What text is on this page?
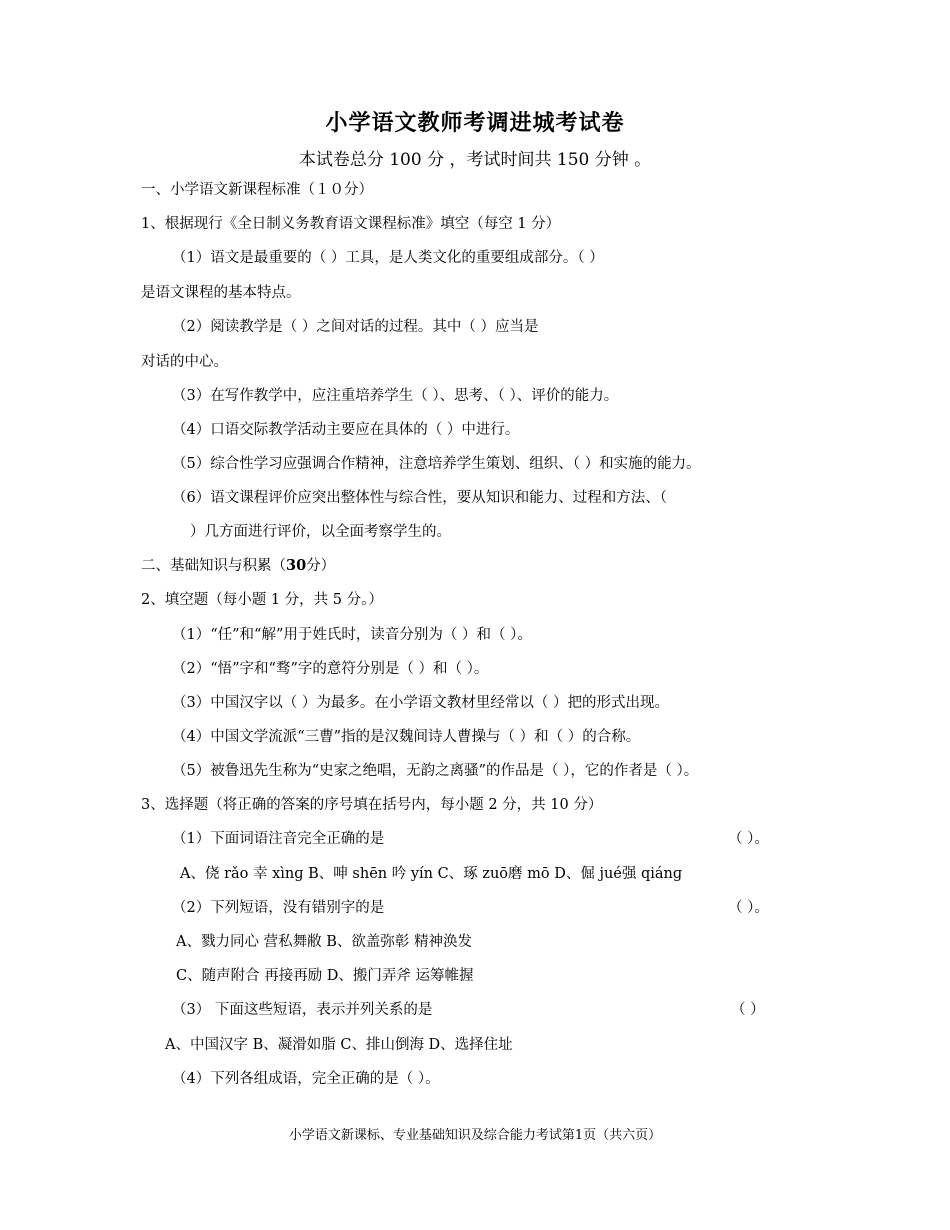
小学语文教师考调进城考试卷
本试卷总分 100 分 ，考试时间共 150 分钟 。
一、小学语文新课程标准（１０分）
1、根据现行《全日制义务教育语文课程标准》填空（每空 1 分）
（1）语文是最重要的（ ）工具，是人类文化的重要组成部分。（ ）
是语文课程的基本特点。
（2）阅读教学是（ ）之间对话的过程。其中（ ）应当是
对话的中心。
（3）在写作教学中，应注重培养学生（ ）、思考、（ ）、评价的能力。
（4）口语交际教学活动主要应在具体的（ ）中进行。
（5）综合性学习应强调合作精神，注意培养学生策划、组织、（ ）和实施的能力。
（6）语文课程评价应突出整体性与综合性，要从知识和能力、过程和方法、（
）几方面进行评价，以全面考察学生的。
二、基础知识与积累（30分）
2、填空题（每小题 1 分，共 5 分。）
（1）“任”和“解”用于姓氏时，读音分别为（ ）和（ ）。
（2）“悟”字和“骛”字的意符分别是（ ）和（ ）。
（3）中国汉字以（ ）为最多。在小学语文教材里经常以（ ）把的形式出现。
（4）中国文学流派“三曹”指的是汉魏间诗人曹操与（ ）和（ ）的合称。
（5）被鲁迅先生称为“史家之绝唱，无韵之离骚”的作品是（ ），它的作者是（ ）。
3、选择题（将正确的答案的序号填在括号内，每小题 2 分，共 10 分）
（1）下面词语注音完全正确的是	（ ）。
A、侥 rǎo 幸 xìnɡ B、呻 shēn 吟 yín C、琢 zuō磨 mō D、倔 jué强 qiánɡ
（2）下列短语，没有错别字的是	（ ）。
A、戮力同心 营私舞敝 B、欲盖弥彰 精神涣发
C、随声附合 再接再励 D、搬门弄斧 运筹帷握
（3） 下面这些短语，表示并列关系的是	（ ）
A、中国汉字 B、凝滑如脂 C、排山倒海 D、选择住址
（4）下列各组成语，完全正确的是（ ）。
小学语文新课标、专业基础知识及综合能力考试第1页（共六页）
